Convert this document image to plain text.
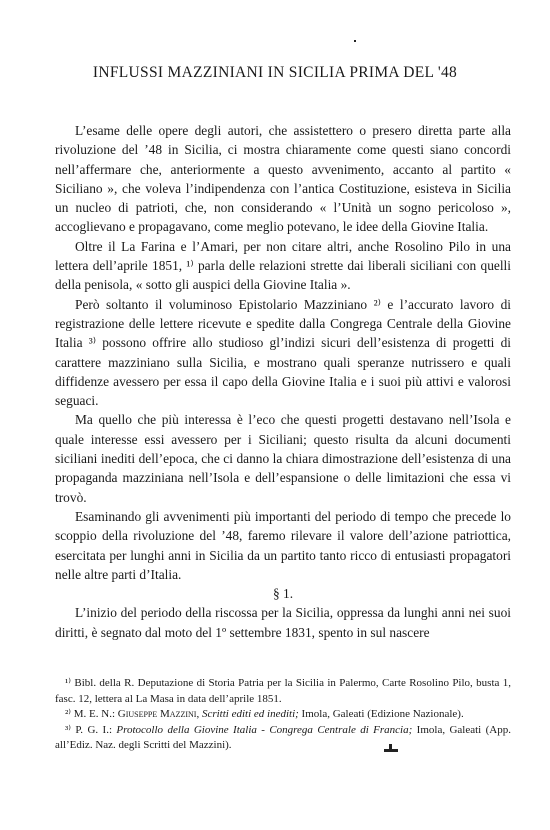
INFLUSSI MAZZINIANI IN SICILIA PRIMA DEL '48

L’esame delle opere degli autori, che assistettero o presero diretta parte alla rivoluzione del ’48 in Sicilia, ci mostra chiaramente come questi siano concordi nell’affermare che, anteriormente a questo avvenimento, accanto al partito « Siciliano », che voleva l’indipendenza con l’antica Costituzione, esisteva in Sicilia un nucleo di patrioti, che, non considerando « l’Unità un sogno pericoloso », accoglievano e propagavano, come meglio potevano, le idee della Giovine Italia.

Oltre il La Farina e l’Amari, per non citare altri, anche Rosolino Pilo in una lettera dell’aprile 1851, ¹⁾ parla delle relazioni strette dai liberali siciliani con quelli della penisola, « sotto gli auspici della Giovine Italia ».

Però soltanto il voluminoso Epistolario Mazziniano ²⁾ e l’accurato lavoro di registrazione delle lettere ricevute e spedite dalla Congrega Centrale della Giovine Italia ³⁾ possono offrire allo studioso gl’indizi sicuri dell’esistenza di progetti di carattere mazziniano sulla Sicilia, e mostrano quali speranze nutrissero e quali diffidenze avessero per essa il capo della Giovine Italia e i suoi più attivi e valorosi seguaci.

Ma quello che più interessa è l’eco che questi progetti destavano nell’Isola e quale interesse essi avessero per i Siciliani; questo risulta da alcuni documenti siciliani inediti dell’epoca, che ci danno la chiara dimostrazione dell’esistenza di una propaganda mazziniana nell’Isola e dell’espansione o delle limitazioni che essa vi trovò.

Esaminando gli avvenimenti più importanti del periodo di tempo che precede lo scoppio della rivoluzione del ’48, faremo rilevare il valore dell’azione patriottica, esercitata per lunghi anni in Sicilia da un partito tanto ricco di entusiasti propagatori nelle altre parti d’Italia.

§ 1.

L’inizio del periodo della riscossa per la Sicilia, oppressa da lunghi anni nei suoi diritti, è segnato dal moto del 1º settembre 1831, spento in sul nascere

¹⁾ Bibl. della R. Deputazione di Storia Patria per la Sicilia in Palermo, Carte Rosolino Pilo, busta 1, fasc. 12, lettera al La Masa in data dell’aprile 1851.

²⁾ M. E. N.: Giuseppe Mazzini, Scritti editi ed inediti; Imola, Galeati (Edizione Nazionale).

³⁾ P. G. I.: Protocollo della Giovine Italia - Congrega Centrale di Francia; Imola, Galeati (App. all’Ediz. Naz. degli Scritti del Mazzini).
